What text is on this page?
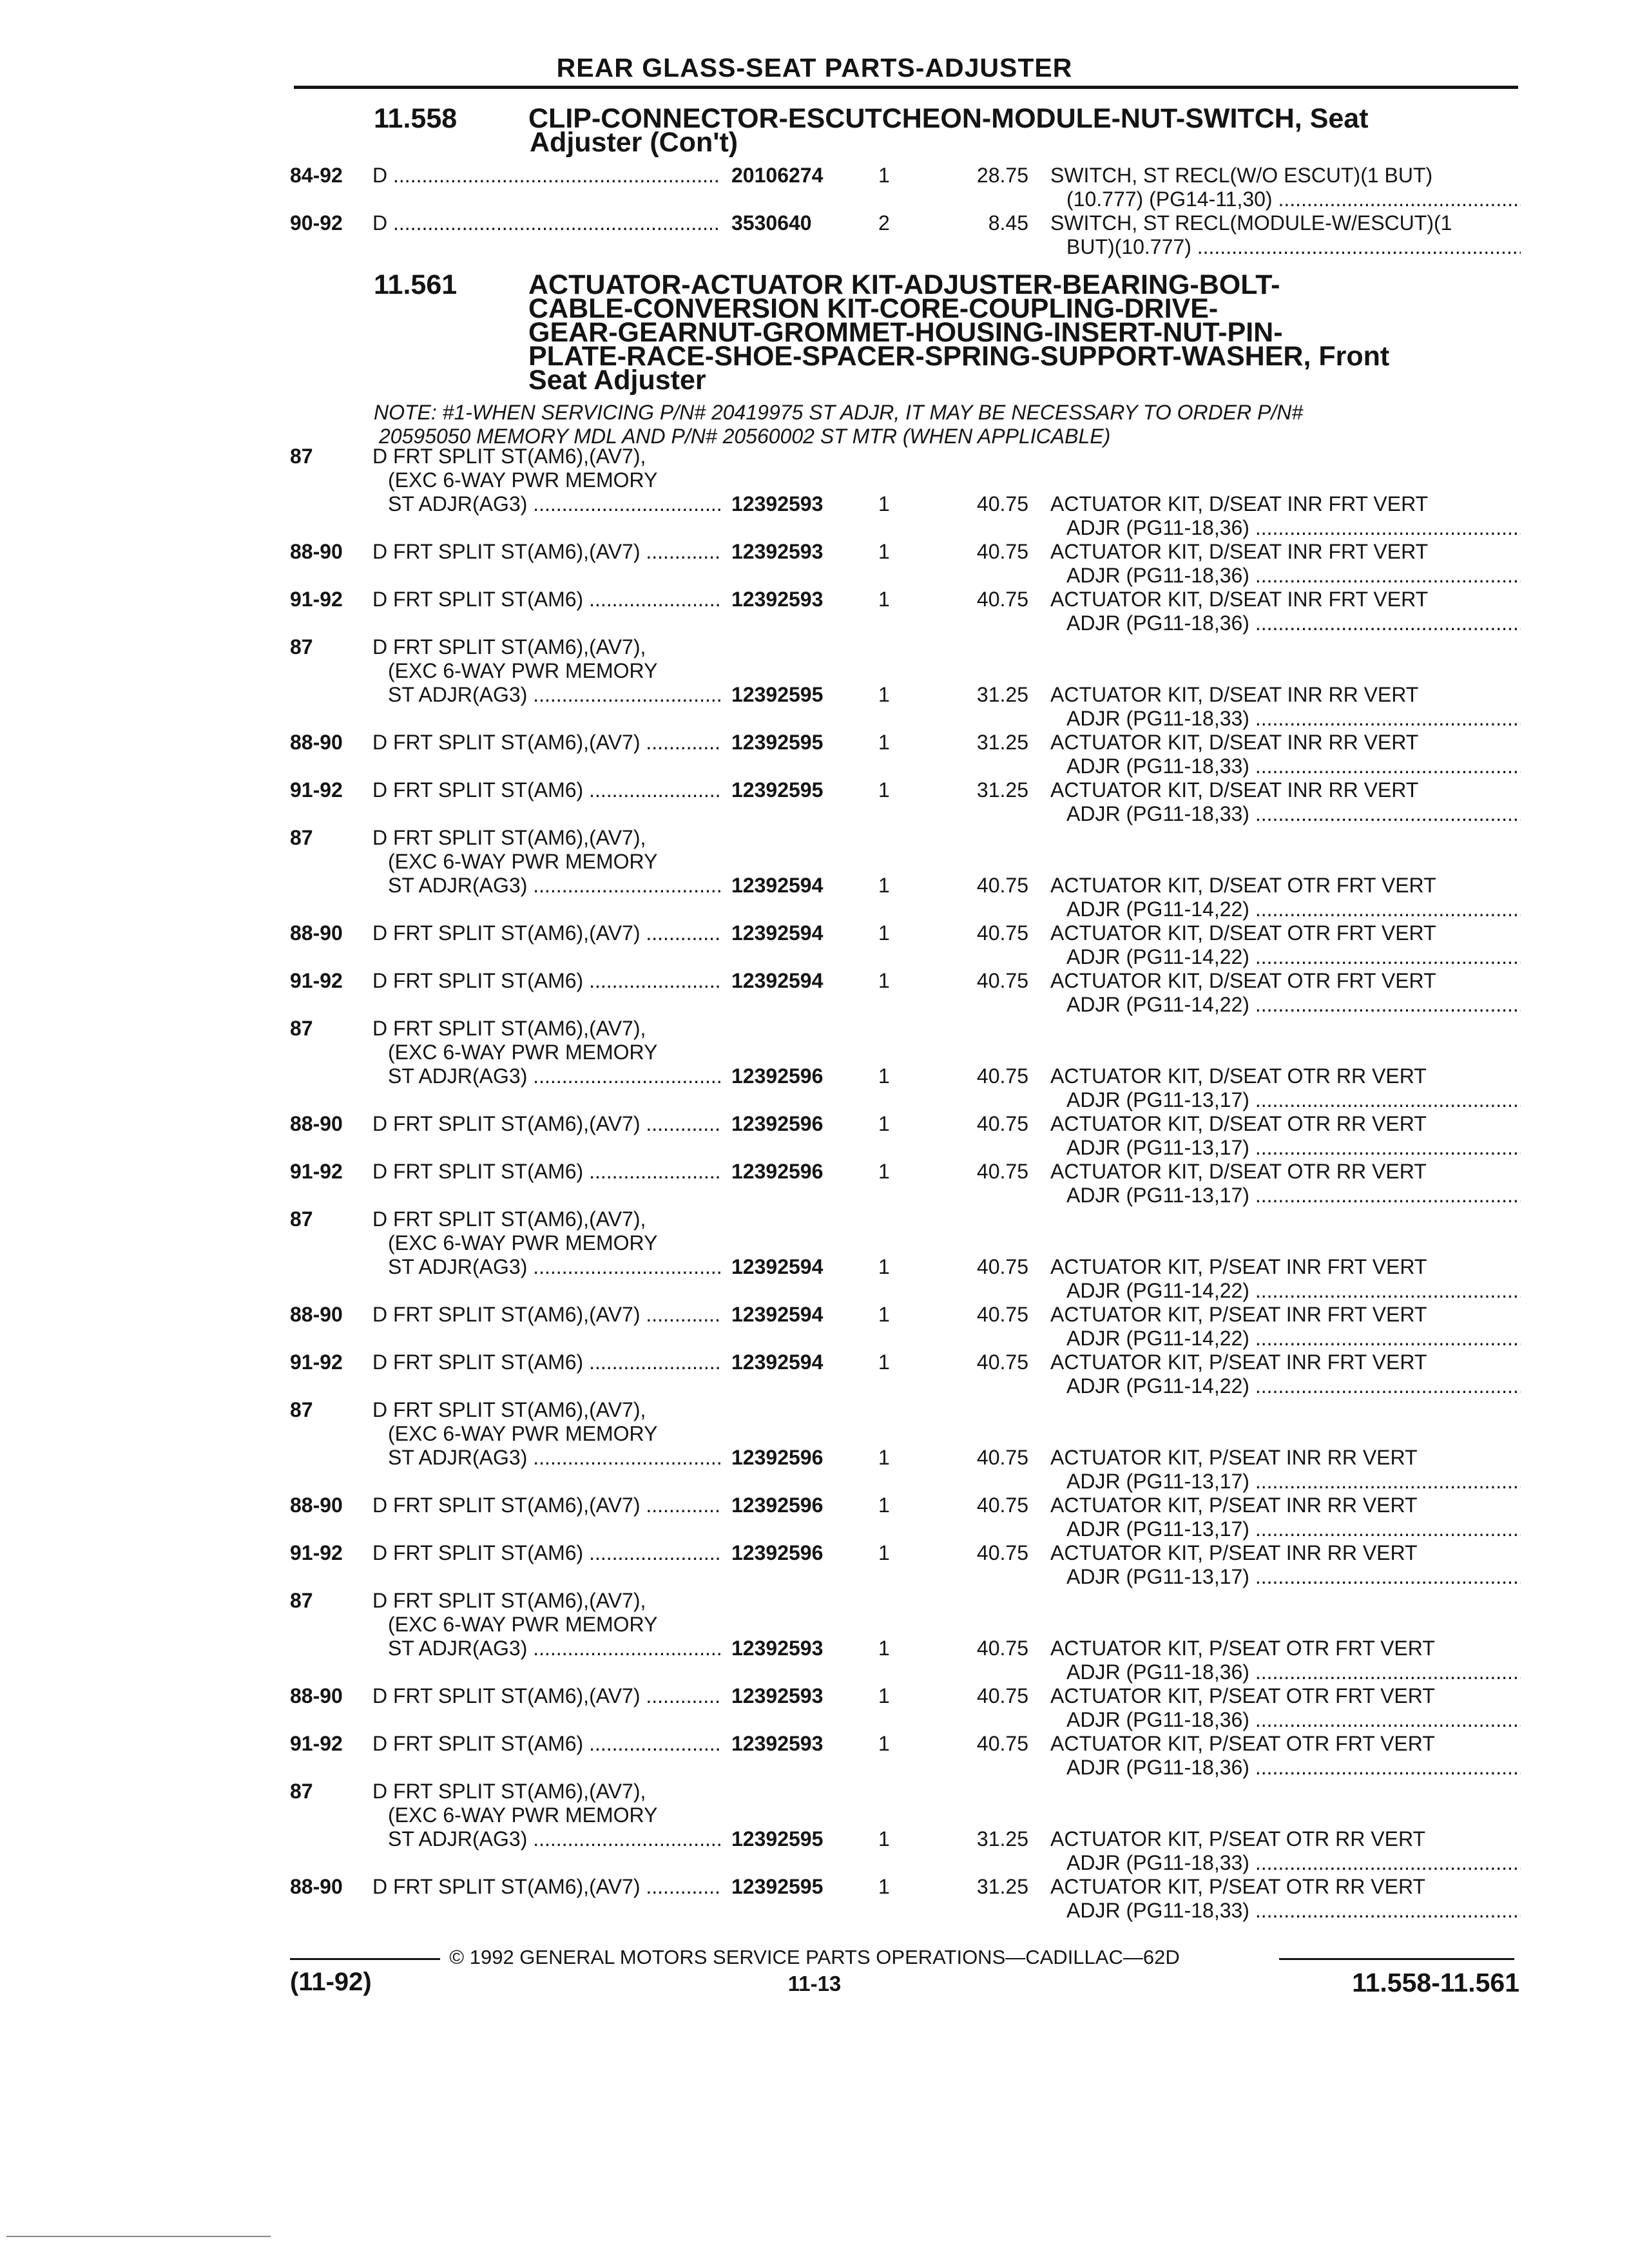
REAR GLASS-SEAT PARTS-ADJUSTER
11.558	CLIP-CONNECTOR-ESCUTCHEON-MODULE-NUT-SWITCH, Seat
Adjuster (Con't)
84-92 D .....	20106274	1	28.75 SWITCH, ST RECL(W/O ESCUT)(1 BUT)
(10.777) (PG14-11,30) .....
90-92 D .....	3530640	2	8.45 SWITCH, ST RECL(MODULE-W/ESCUT)(1
BUT)(10.777) .....
11.561	ACTUATOR-ACTUATOR KIT-ADJUSTER-BEARING-BOLT-
CABLE-CONVERSION KIT-CORE-COUPLING-DRIVE-
GEAR-GEARNUT-GROMMET-HOUSING-INSERT-NUT-PIN-
PLATE-RACE-SHOE-SPACER-SPRING-SUPPORT-WASHER, Front
Seat Adjuster
NOTE: #1-WHEN SERVICING P/N# 20419975 ST ADJR, IT MAY BE NECESSARY TO ORDER P/N#
20595050 MEMORY MDL AND P/N# 20560002 ST MTR (WHEN APPLICABLE)
87	D FRT SPLIT ST(AM6),(AV7),
(EXC 6-WAY PWR MEMORY
ST ADJR(AG3) .....	12392593	1	40.75 ACTUATOR KIT, D/SEAT INR FRT VERT
ADJR (PG11-18,36) .....
88-90 D FRT SPLIT ST(AM6),(AV7) .....	12392593	1	40.75 ACTUATOR KIT, D/SEAT INR FRT VERT
ADJR (PG11-18,36) .....
91-92 D FRT SPLIT ST(AM6) .....	12392593	1	40.75 ACTUATOR KIT, D/SEAT INR FRT VERT
ADJR (PG11-18,36) .....
87	D FRT SPLIT ST(AM6),(AV7),
(EXC 6-WAY PWR MEMORY
ST ADJR(AG3) .....	12392595	1	31.25 ACTUATOR KIT, D/SEAT INR RR VERT
ADJR (PG11-18,33) .....
88-90 D FRT SPLIT ST(AM6),(AV7) .....	12392595	1	31.25 ACTUATOR KIT, D/SEAT INR RR VERT
ADJR (PG11-18,33) .....
91-92 D FRT SPLIT ST(AM6) .....	12392595	1	31.25 ACTUATOR KIT, D/SEAT INR RR VERT
ADJR (PG11-18,33) .....
87	D FRT SPLIT ST(AM6),(AV7),
(EXC 6-WAY PWR MEMORY
ST ADJR(AG3) .....	12392594	1	40.75 ACTUATOR KIT, D/SEAT OTR FRT VERT
ADJR (PG11-14,22) .....
88-90 D FRT SPLIT ST(AM6),(AV7) .....	12392594	1	40.75 ACTUATOR KIT, D/SEAT OTR FRT VERT
ADJR (PG11-14,22) .....
91-92 D FRT SPLIT ST(AM6) .....	12392594	1	40.75 ACTUATOR KIT, D/SEAT OTR FRT VERT
ADJR (PG11-14,22) .....
87	D FRT SPLIT ST(AM6),(AV7),
(EXC 6-WAY PWR MEMORY
ST ADJR(AG3) .....	12392596	1	40.75 ACTUATOR KIT, D/SEAT OTR RR VERT
ADJR (PG11-13,17) .....
88-90 D FRT SPLIT ST(AM6),(AV7) .....	12392596	1	40.75 ACTUATOR KIT, D/SEAT OTR RR VERT
ADJR (PG11-13,17) .....
91-92 D FRT SPLIT ST(AM6) .....	12392596	1	40.75 ACTUATOR KIT, D/SEAT OTR RR VERT
ADJR (PG11-13,17) .....
87	D FRT SPLIT ST(AM6),(AV7),
(EXC 6-WAY PWR MEMORY
ST ADJR(AG3) .....	12392594	1	40.75 ACTUATOR KIT, P/SEAT INR FRT VERT
ADJR (PG11-14,22) .....
88-90 D FRT SPLIT ST(AM6),(AV7) .....	12392594	1	40.75 ACTUATOR KIT, P/SEAT INR FRT VERT
ADJR (PG11-14,22) .....
91-92 D FRT SPLIT ST(AM6) .....	12392594	1	40.75 ACTUATOR KIT, P/SEAT INR FRT VERT
ADJR (PG11-14,22) .....
87	D FRT SPLIT ST(AM6),(AV7),
(EXC 6-WAY PWR MEMORY
ST ADJR(AG3) .....	12392596	1	40.75 ACTUATOR KIT, P/SEAT INR RR VERT
ADJR (PG11-13,17) .....
88-90 D FRT SPLIT ST(AM6),(AV7) .....	12392596	1	40.75 ACTUATOR KIT, P/SEAT INR RR VERT
ADJR (PG11-13,17) .....
91-92 D FRT SPLIT ST(AM6) .....	12392596	1	40.75 ACTUATOR KIT, P/SEAT INR RR VERT
ADJR (PG11-13,17) .....
87	D FRT SPLIT ST(AM6),(AV7),
(EXC 6-WAY PWR MEMORY
ST ADJR(AG3) .....	12392593	1	40.75 ACTUATOR KIT, P/SEAT OTR FRT VERT
ADJR (PG11-18,36) .....
88-90 D FRT SPLIT ST(AM6),(AV7) .....	12392593	1	40.75 ACTUATOR KIT, P/SEAT OTR FRT VERT
ADJR (PG11-18,36) .....
91-92 D FRT SPLIT ST(AM6) .....	12392593	1	40.75 ACTUATOR KIT, P/SEAT OTR FRT VERT
ADJR (PG11-18,36) .....
87	D FRT SPLIT ST(AM6),(AV7),
(EXC 6-WAY PWR MEMORY
ST ADJR(AG3) .....	12392595	1	31.25 ACTUATOR KIT, P/SEAT OTR RR VERT
ADJR (PG11-18,33) .....
88-90 D FRT SPLIT ST(AM6),(AV7) .....	12392595	1	31.25 ACTUATOR KIT, P/SEAT OTR RR VERT
ADJR (PG11-18,33) .....
© 1992 GENERAL MOTORS SERVICE PARTS OPERATIONS—CADILLAC—62D
(11-92)	11-13	11.558-11.561
